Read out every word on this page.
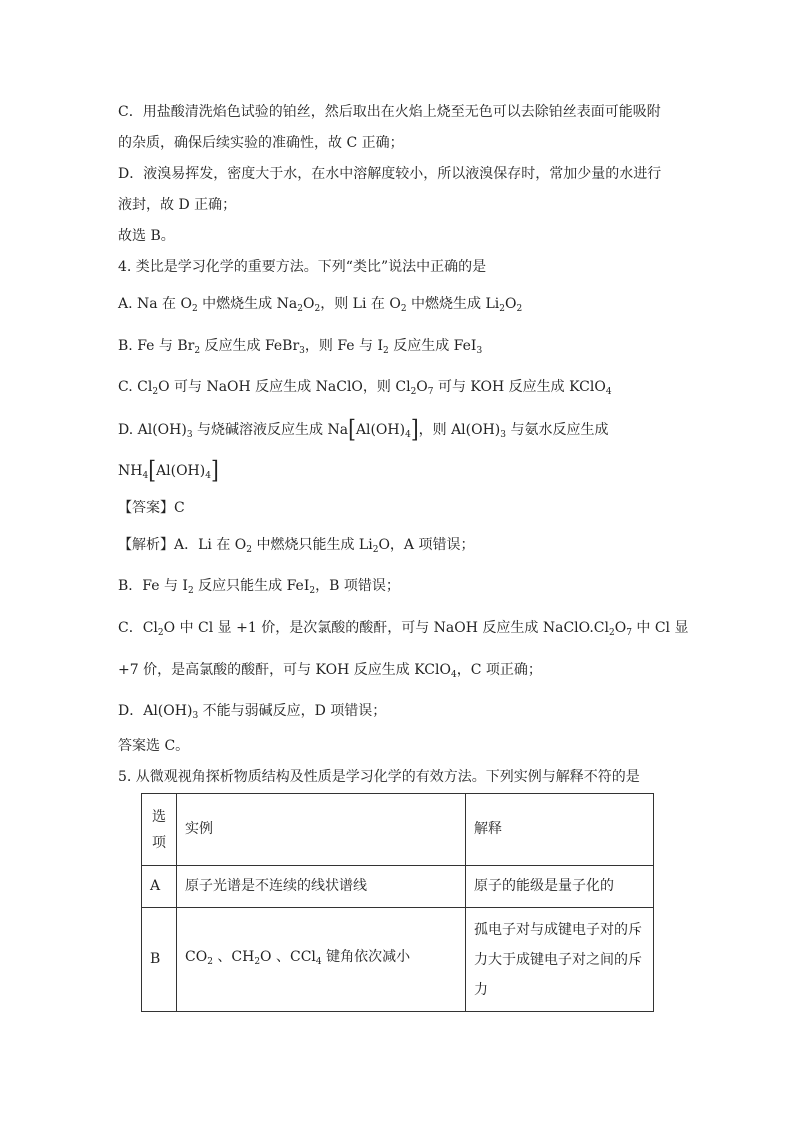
C．用盐酸清洗焰色试验的铂丝，然后取出在火焰上烧至无色可以去除铂丝表面可能吸附
的杂质，确保后续实验的准确性，故 C 正确；
D．液溴易挥发，密度大于水，在水中溶解度较小，所以液溴保存时，常加少量的水进行
液封，故 D 正确；
故选 B。
4. 类比是学习化学的重要方法。下列“类比”说法中正确的是
A. Na 在 $O_2$ 中燃烧生成 $Na_2O_2$，则 Li 在 $O_2$ 中燃烧生成 $Li_2O_2$
B. Fe 与 $Br_2$ 反应生成 FeBr$_3$，则 Fe 与 $I_2$ 反应生成 FeI$_3$
C. $Cl_2O$ 可与 NaOH 反应生成 NaClO，则 $Cl_2O_7$ 可与 KOH 反应生成 KClO$_4$
D. $Al(OH)_3$ 与烧碱溶液反应生成 $Na[Al(OH)_4]$，则 $Al(OH)_3$ 与氨水反应生成
$NH_4[Al(OH)_4]$
【答案】C
【解析】A．Li 在 $O_2$ 中燃烧只能生成 $Li_2O$，A 项错误；
B．Fe 与 $I_2$ 反应只能生成 FeI$_2$，B 项错误；
C．$Cl_2O$ 中 Cl 显 +1 价，是次氯酸的酸酐，可与 NaOH 反应生成 $NaClO.Cl_2O_7$ 中 Cl 显
+7 价，是高氯酸的酸酐，可与 KOH 反应生成 KClO$_4$，C 项正确；
D．$Al(OH)_3$ 不能与弱碱反应，D 项错误；
答案选 C。
5. 从微观视角探析物质结构及性质是学习化学的有效方法。下列实例与解释不符的是
选项	实例	解释
A	原子光谱是不连续的线状谱线	原子的能级是量子化的
B	$CO_2$ 、$CH_2O$ 、CCl$_4$ 键角依次减小	孤电子对与成键电子对的斥力大于成键电子对之间的斥力
